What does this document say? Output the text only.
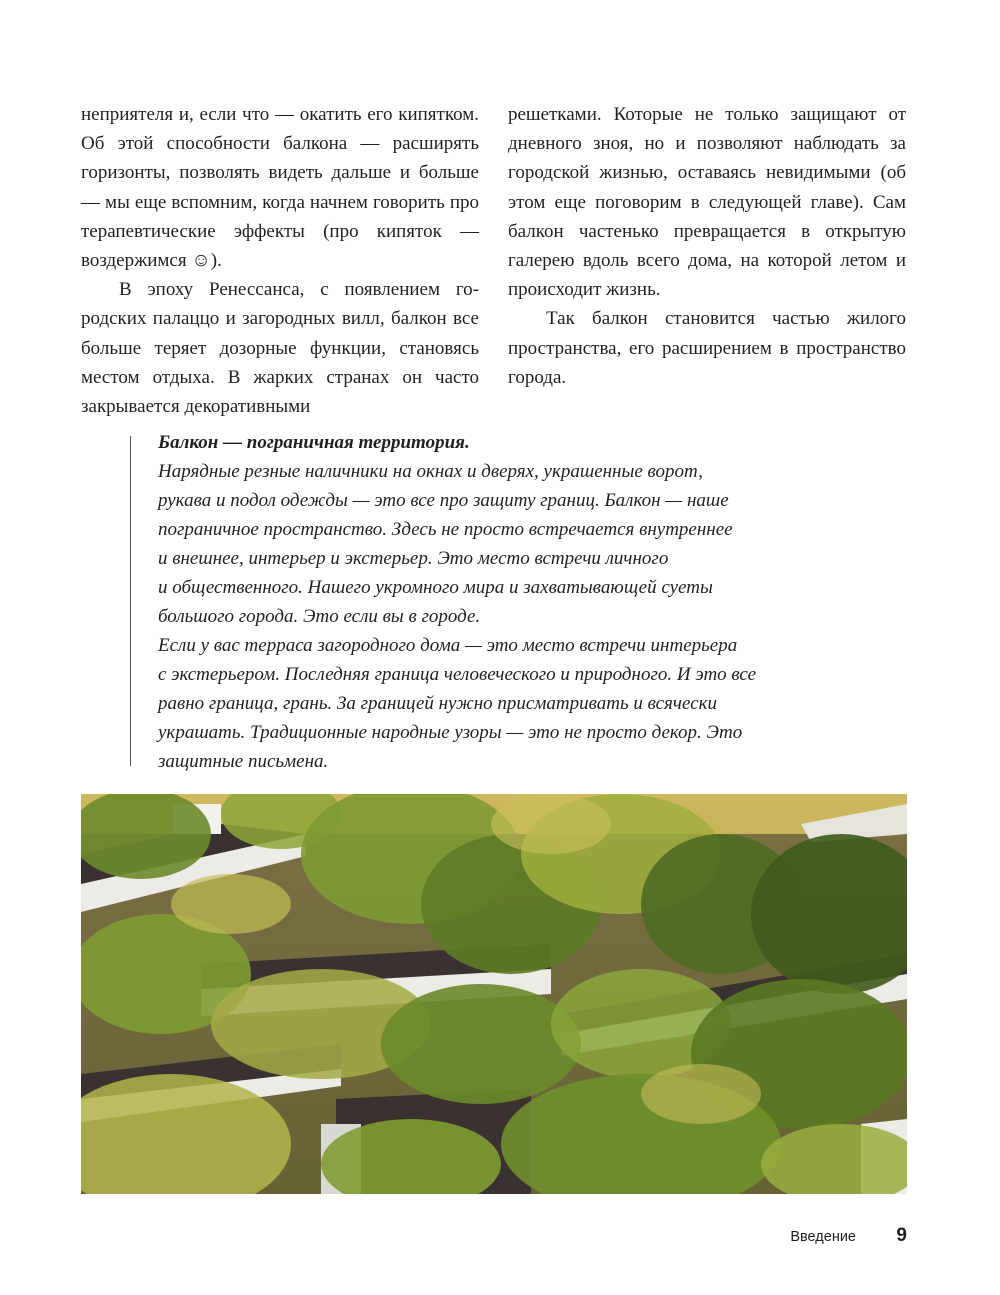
неприятеля и, если что — окатить его кипятком. Об этой способности балкона — расширять горизонты, позволять видеть дальше и больше — мы еще вспомним, когда начнем говорить про терапевтические эффекты (про кипяток — воздержимся ☺).

В эпоху Ренессанса, с появлением городских палаццо и загородных вилл, балкон все больше теряет дозорные функции, становясь местом отдыха. В жарких странах он часто закрывается декоративными

решетками. Которые не только защищают от дневного зноя, но и позволяют наблюдать за городской жизнью, оставаясь невидимыми (об этом еще поговорим в следующей главе). Сам балкон частенько превращается в открытую галерею вдоль всего дома, на которой летом и происходит жизнь.

Так балкон становится частью жилого пространства, его расширением в пространство города.

Балкон — пограничная территория.
Нарядные резные наличники на окнах и дверях, украшенные ворот,
рукава и подол одежды — это все про защиту границ. Балкон — наше
пограничное пространство. Здесь не просто встречается внутреннее
и внешнее, интерьер и экстерьер. Это место встречи личного
и общественного. Нашего укромного мира и захватывающей суеты
большого города. Это если вы в городе.
Если у вас терраса загородного дома — это место встречи интерьера
с экстерьером. Последняя граница человеческого и природного. И это все
равно граница, грань. За границей нужно присматривать и всячески
украшать. Традиционные народные узоры — это не просто декор. Это
защитные письмена.
Введение 9
